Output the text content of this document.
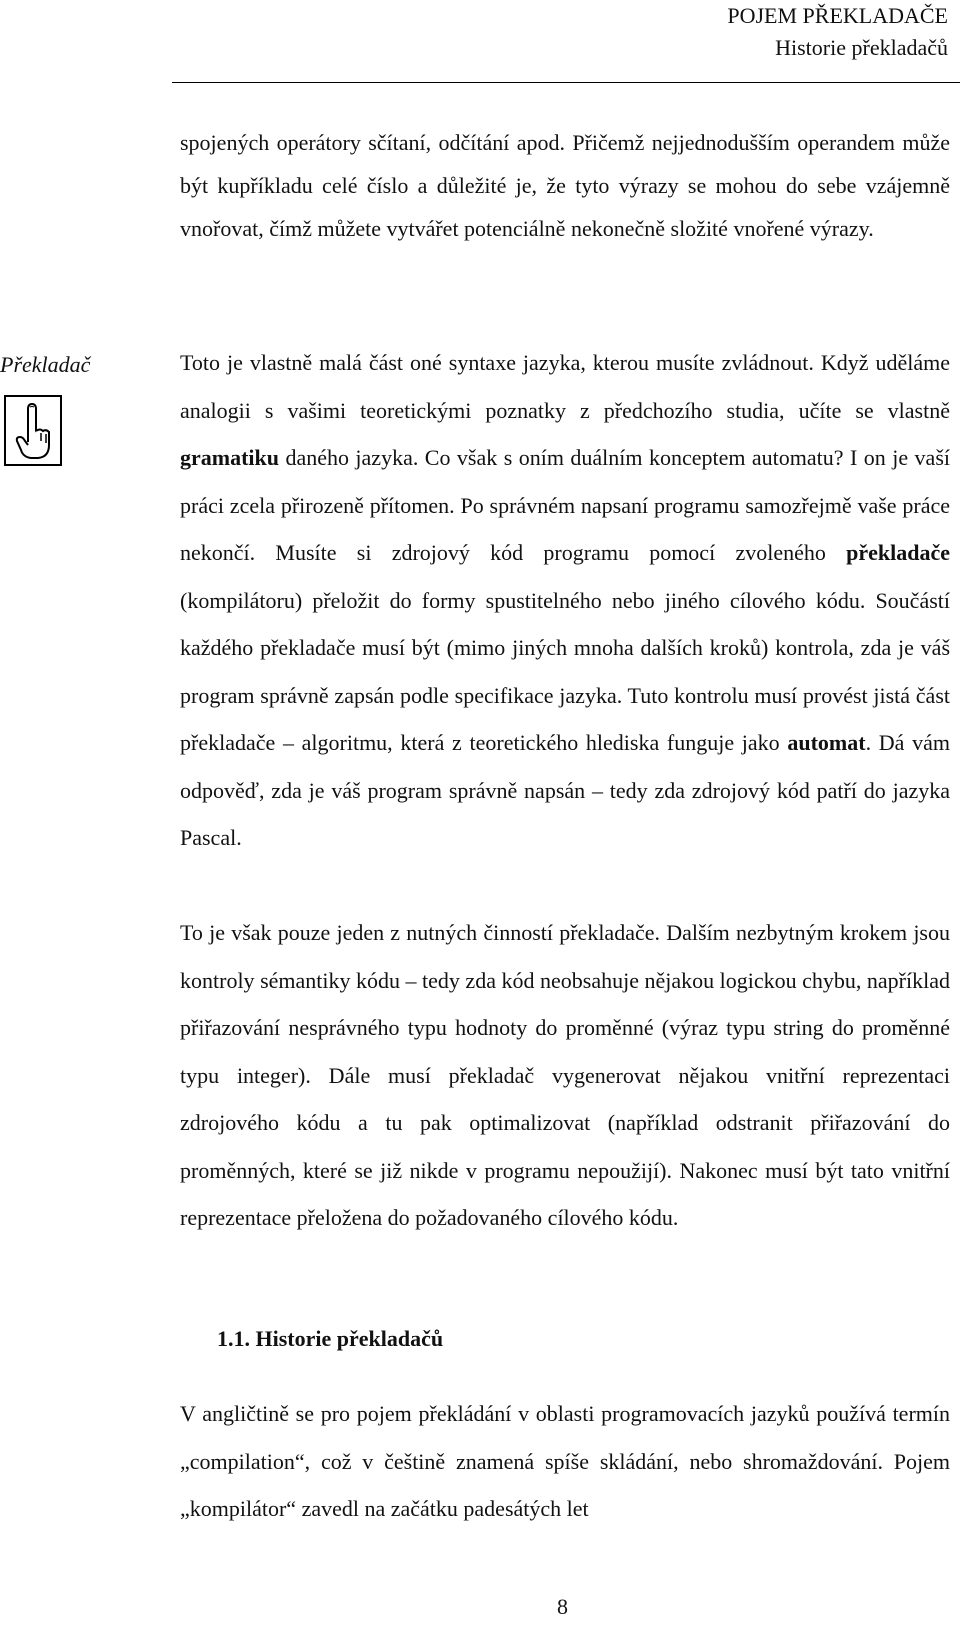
POJEM PŘEKLADAČE
Historie překladačů
spojených operátory sčítaní, odčítání apod. Přičemž nejjednodušším operandem může být kupříkladu celé číslo a důležité je, že tyto výrazy se mohou do sebe vzájemně vnořovat, čímž můžete vytvářet potenciálně nekonečně složité vnořené výrazy.
Překladač	Toto je vlastně malá část oné syntaxe jazyka, kterou musíte zvládnout. Když uděláme analogii s vašimi teoretickými poznatky z předchozího studia, učíte se vlastně gramatiku daného jazyka. Co však s oním duálním konceptem automatu? I on je vaší práci zcela přirozeně přítomen. Po správném napsaní programu samozřejmě vaše práce nekončí. Musíte si zdrojový kód programu pomocí zvoleného překladače (kompilátoru) přeložit do formy spustitelného nebo jiného cílového kódu. Součástí každého překladače musí být (mimo jiných mnoha dalších kroků) kontrola, zda je váš program správně zapsán podle specifikace jazyka. Tuto kontrolu musí provést jistá část překladače – algoritmu, která z teoretického hlediska funguje jako automat. Dá vám odpověď, zda je váš program správně napsán – tedy zda zdrojový kód patří do jazyka Pascal.
To je však pouze jeden z nutných činností překladače. Dalším nezbytným krokem jsou kontroly sémantiky kódu – tedy zda kód neobsahuje nějakou logickou chybu, například přiřazování nesprávného typu hodnoty do proměnné (výraz typu string do proměnné typu integer). Dále musí překladač vygenerovat nějakou vnitřní reprezentaci zdrojového kódu a tu pak optimalizovat (například odstranit přiřazování do proměnných, které se již nikde v programu nepoužijí). Nakonec musí být tato vnitřní reprezentace přeložena do požadovaného cílového kódu.
1.1. Historie překladačů
V angličtině se pro pojem překládání v oblasti programovacích jazyků používá termín „compilation“, což v češtině znamená spíše skládání, nebo shromaždování. Pojem „kompilátor“ zavedl na začátku padesátých let
8
